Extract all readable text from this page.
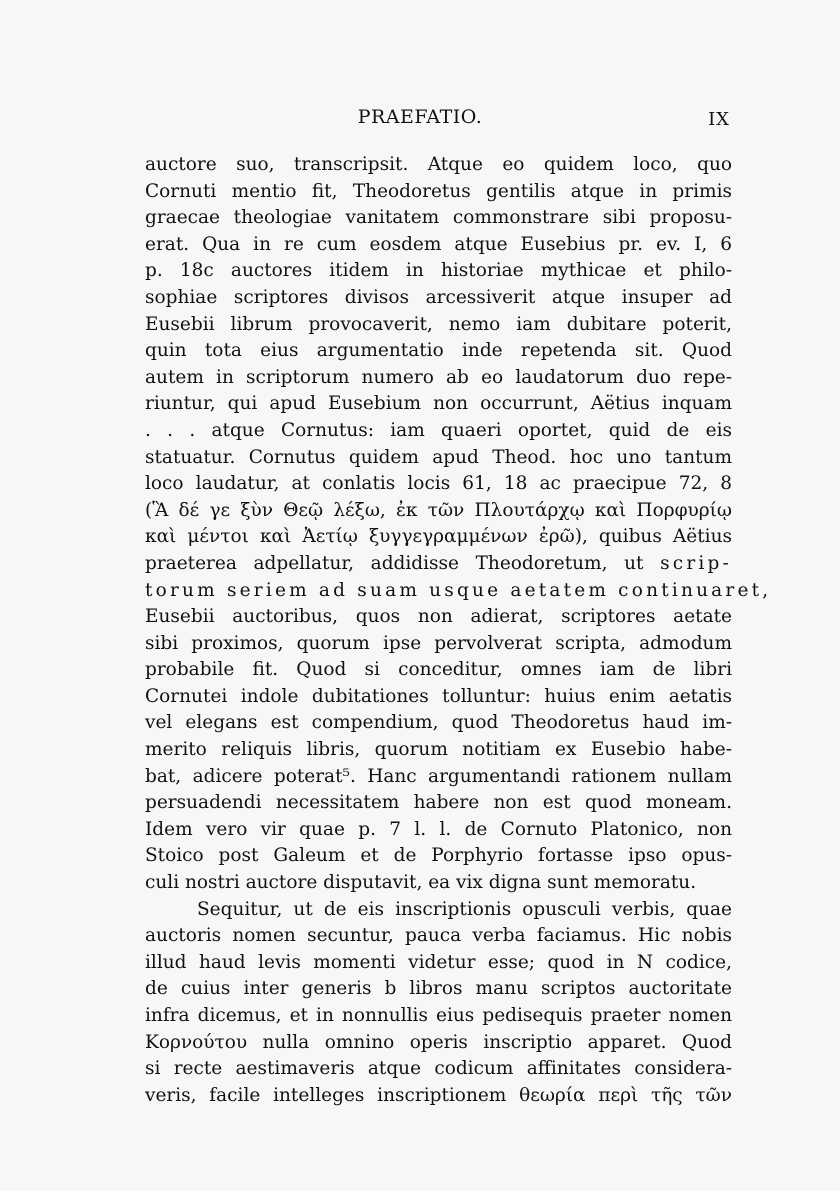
PRAEFATIO.	IX
auctore suo, transcripsit. Atque eo quidem loco, quo
Cornuti mentio fit, Theodoretus gentilis atque in primis
graecae theologiae vanitatem commonstrare sibi proposu-
erat. Qua in re cum eosdem atque Eusebius pr. ev. I, 6
p. 18c auctores itidem in historiae mythicae et philo-
sophiae scriptores divisos arcessiverit atque insuper ad
Eusebii librum provocaverit, nemo iam dubitare poterit,
quin tota eius argumentatio inde repetenda sit. Quod
autem in scriptorum numero ab eo laudatorum duo repe-
riuntur, qui apud Eusebium non occurrunt, Aëtius inquam
. . . atque Cornutus: iam quaeri oportet, quid de eis
statuatur. Cornutus quidem apud Theod. hoc uno tantum
loco laudatur, at conlatis locis 61, 18 ac praecipue 72, 8
(Ἃ δέ γε ξὺν Θεῷ λέξω, ἐκ τῶν Πλουτάρχῳ καὶ Πορφυρίῳ
καὶ μέντοι καὶ Ἀετίῳ ξυγγεγραμμένων ἐρῶ), quibus Aëtius
praeterea adpellatur, addidisse Theodoretum, ut scrip-
torum seriem ad suam usque aetatem continuaret,
Eusebii auctoribus, quos non adierat, scriptores aetate
sibi proximos, quorum ipse pervolverat scripta, admodum
probabile fit. Quod si conceditur, omnes iam de libri
Cornutei indole dubitationes tolluntur: huius enim aetatis
vel elegans est compendium, quod Theodoretus haud im-
merito reliquis libris, quorum notitiam ex Eusebio habe-
bat, adicere poterat⁵. Hanc argumentandi rationem nullam
persuadendi necessitatem habere non est quod moneam.
Idem vero vir quae p. 7 l. l. de Cornuto Platonico, non
Stoico post Galeum et de Porphyrio fortasse ipso opus-
culi nostri auctore disputavit, ea vix digna sunt memoratu.
Sequitur, ut de eis inscriptionis opusculi verbis, quae
auctoris nomen secuntur, pauca verba faciamus. Hic nobis
illud haud levis momenti videtur esse; quod in N codice,
de cuius inter generis b libros manu scriptos auctoritate
infra dicemus, et in nonnullis eius pedisequis praeter nomen
Κορνούτου nulla omnino operis inscriptio apparet. Quod
si recte aestimaveris atque codicum affinitates considera-
veris, facile intelleges inscriptionem θεωρία περὶ τῆς τῶν
